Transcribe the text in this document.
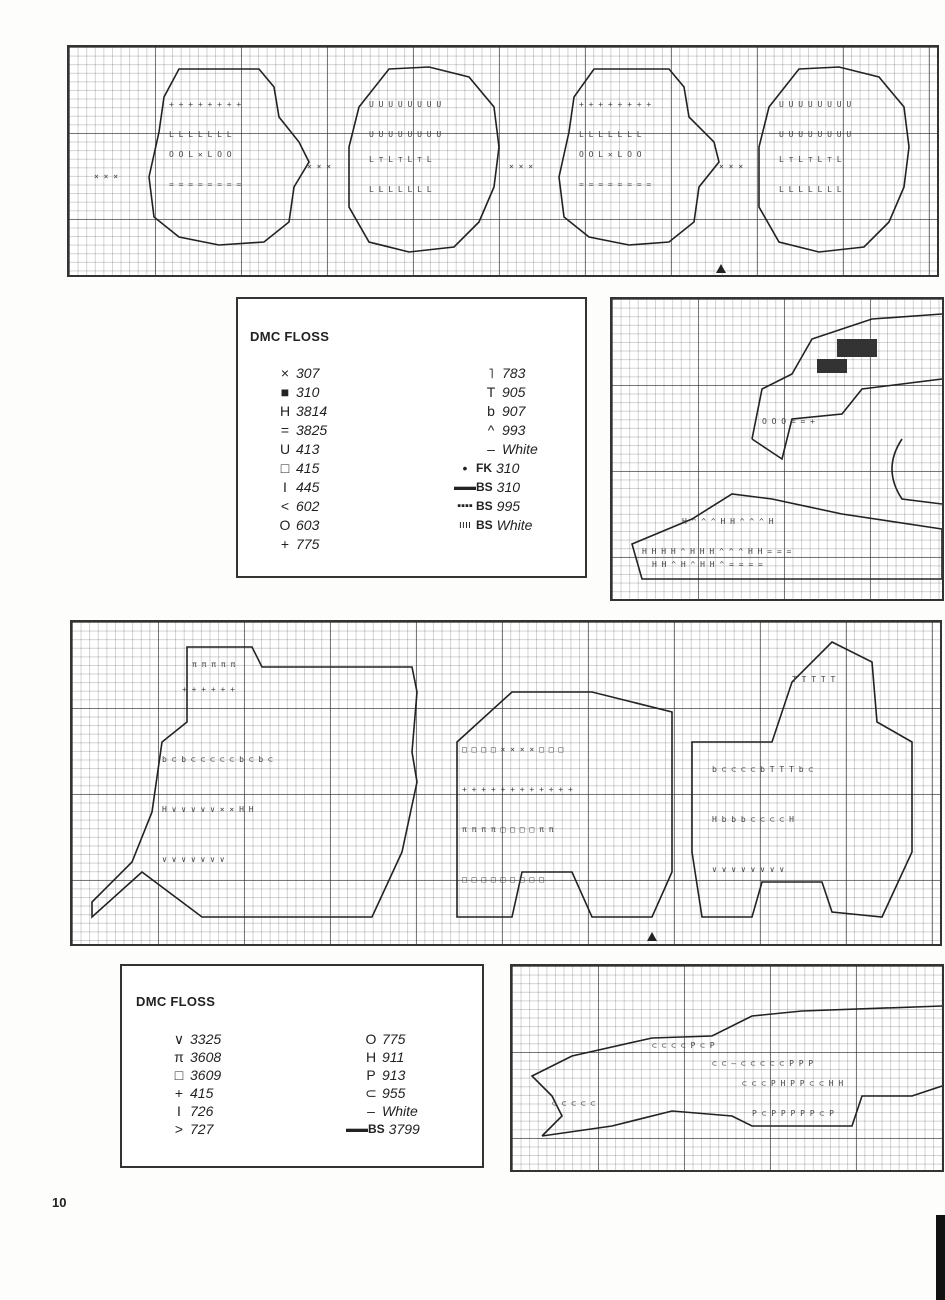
+ + + + + + + +
L L L L L L L
O O L ✕ L O O
= = = = = = = =
U U U U U U U U
U U U U U U U U
L ⊤ L ⊤ L ⊤ L
L L L L L L L
+ + + + + + + +
L L L L L L L
O O L ✕ L O O
= = = = = = = =
U U U U U U U U
U U U U U U U U
L ⊤ L ⊤ L ⊤ L
L L L L L L L
× × ×
× × ×	× × ×	× × ×
DMC FLOSS
× 307
■ 310
H 3814
= 3825
U 413
□ 415
I 445
< 602
O 603
+ 775
˥ 783
T 905
b 907
^ 993
– White
• FK 310
▬▬ BS 310
▪▪▪▪ BS 995
ıııı BS White
O O O = = +
H ^ ^ ^ H H ^ ^ ^ H
H H H H ^ H H H ^ ^ ^ H H = = =
H H ^ H ^ H H ^ = = = =
π π π π π
+ + + + + +
b ⊂ b ⊂ ⊂ ⊂ ⊂ ⊂ b ⊂ b ⊂
H ∨ ∨ ∨ ∨ ∨ × × H H
∨ ∨ ∨ ∨ ∨ ∨ ∨
□ □ □ □ × × × × □ □ □
+ + + + + + + + + + + +
π π π π □ □ □ □ π π
□ □ □ □ □ □ □ □ □
T T T T T
b ⊂ ⊂ ⊂ ⊂ b T T T b ⊂
H b b b ⊂ ⊂ ⊂ ⊂ H
∨ ∨ ∨ ∨ ∨ ∨ ∨ ∨
DMC FLOSS
∨ 3325
π 3608
□ 3609
+ 415
I 726
> 727
O 775
H 911
P 913
⊂ 955
– White
▬▬ BS 3799
⊂ ⊂ ⊂ ⊂ P ⊂ P
⊂ ⊂ – ⊂ ⊂ ⊂ ⊂ ⊂ P P P
⊂ ⊂ ⊂ P H P P ⊂ ⊂ H H
P ⊂ P P P P P ⊂ P
⊂ ⊂ ⊂ ⊂ ⊂
10
